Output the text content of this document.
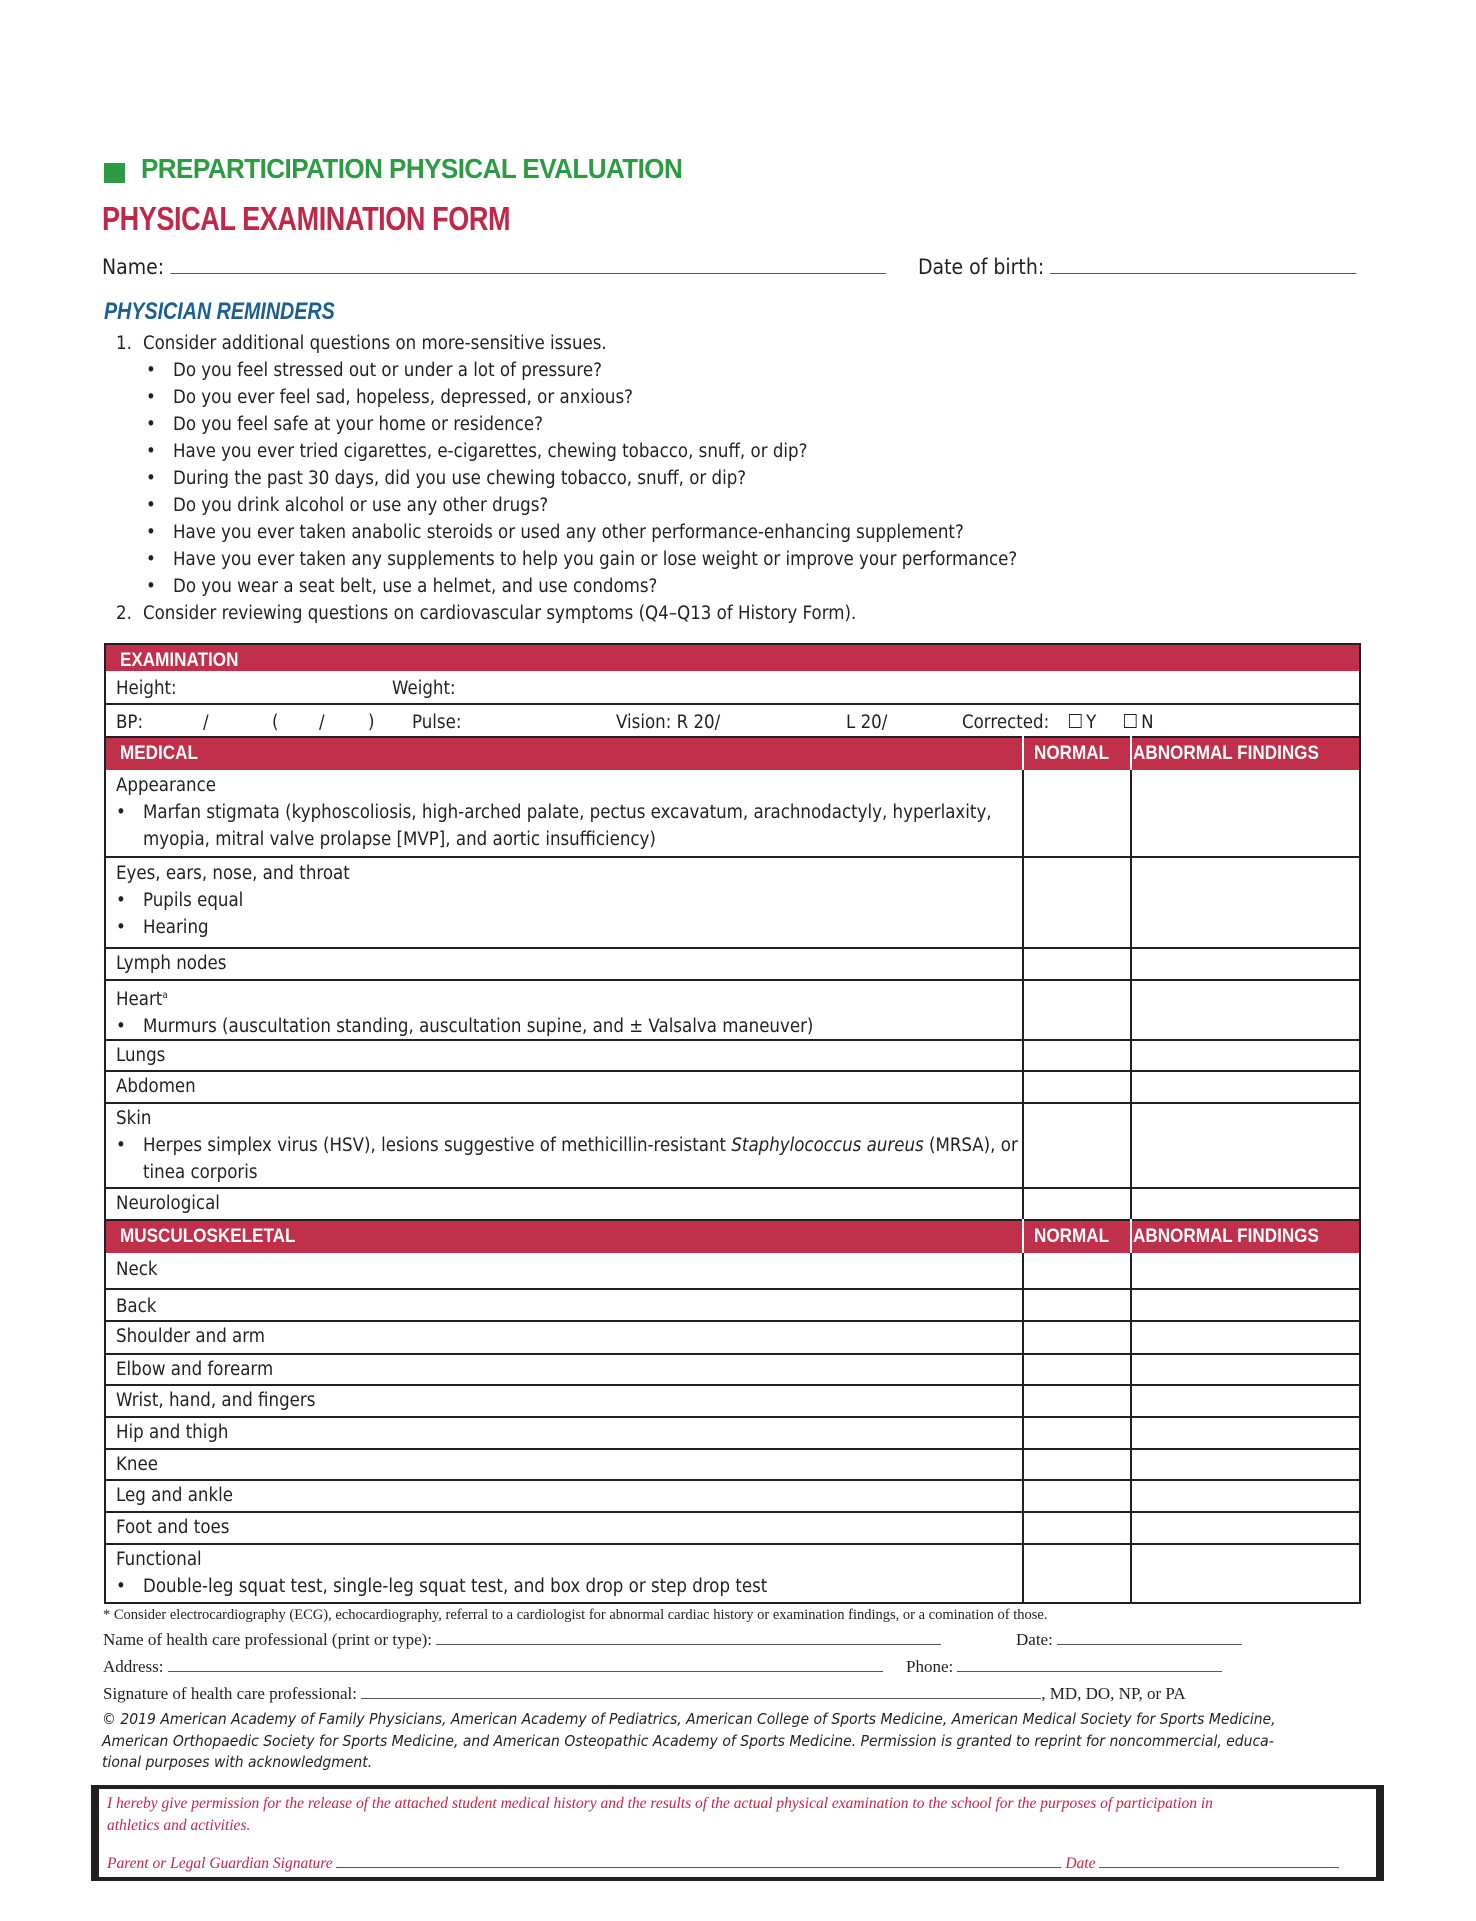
PREPARTICIPATION PHYSICAL EVALUATION
PHYSICAL EXAMINATION FORM
Name:	Date of birth:
PHYSICIAN REMINDERS
1. Consider additional questions on more-sensitive issues.
• Do you feel stressed out or under a lot of pressure?
• Do you ever feel sad, hopeless, depressed, or anxious?
• Do you feel safe at your home or residence?
• Have you ever tried cigarettes, e-cigarettes, chewing tobacco, snuff, or dip?
• During the past 30 days, did you use chewing tobacco, snuff, or dip?
• Do you drink alcohol or use any other drugs?
• Have you ever taken anabolic steroids or used any other performance-enhancing supplement?
• Have you ever taken any supplements to help you gain or lose weight or improve your performance?
• Do you wear a seat belt, use a helmet, and use condoms?
2. Consider reviewing questions on cardiovascular symptoms (Q4–Q13 of History Form).
EXAMINATION
Height:	Weight:
BP:	/	( / ) Pulse:	Vision: R 20/	L 20/	Corrected:	Y	N
MEDICAL	NORMAL ABNORMAL FINDINGS
Appearance
• Marfan stigmata (kyphoscoliosis, high-arched palate, pectus excavatum, arachnodactyly, hyperlaxity,
myopia, mitral valve prolapse [MVP], and aortic insufficiency)
Eyes, ears, nose, and throat
• Pupils equal
• Hearing
Lymph nodes
Heart$^a$
• Murmurs (auscultation standing, auscultation supine, and ± Valsalva maneuver)
Lungs
Abdomen
Skin
• Herpes simplex virus (HSV), lesions suggestive of methicillin-resistant Staphylococcus aureus (MRSA), or
tinea corporis
Neurological
MUSCULOSKELETAL	NORMAL ABNORMAL FINDINGS
Neck
Back
Shoulder and arm
Elbow and forearm
Wrist, hand, and fingers
Hip and thigh
Knee
Leg and ankle
Foot and toes
Functional
• Double-leg squat test, single-leg squat test, and box drop or step drop test
* Consider electrocardiography (ECG), echocardiography, referral to a cardiologist for abnormal cardiac history or examination findings, or a comination of those.
Name of health care professional (print or type):	Date:
Address:	Phone:
Signature of health care professional:	, MD, DO, NP, or PA
© 2019 American Academy of Family Physicians, American Academy of Pediatrics, American College of Sports Medicine, American Medical Society for Sports Medicine,
American Orthopaedic Society for Sports Medicine, and American Osteopathic Academy of Sports Medicine. Permission is granted to reprint for noncommercial, educa-
tional purposes with acknowledgment.
I hereby give permission for the release of the attached student medical history and the results of the actual physical examination to the school for the purposes of participation in
athletics and activities.
Parent or Legal Guardian Signature	Date
